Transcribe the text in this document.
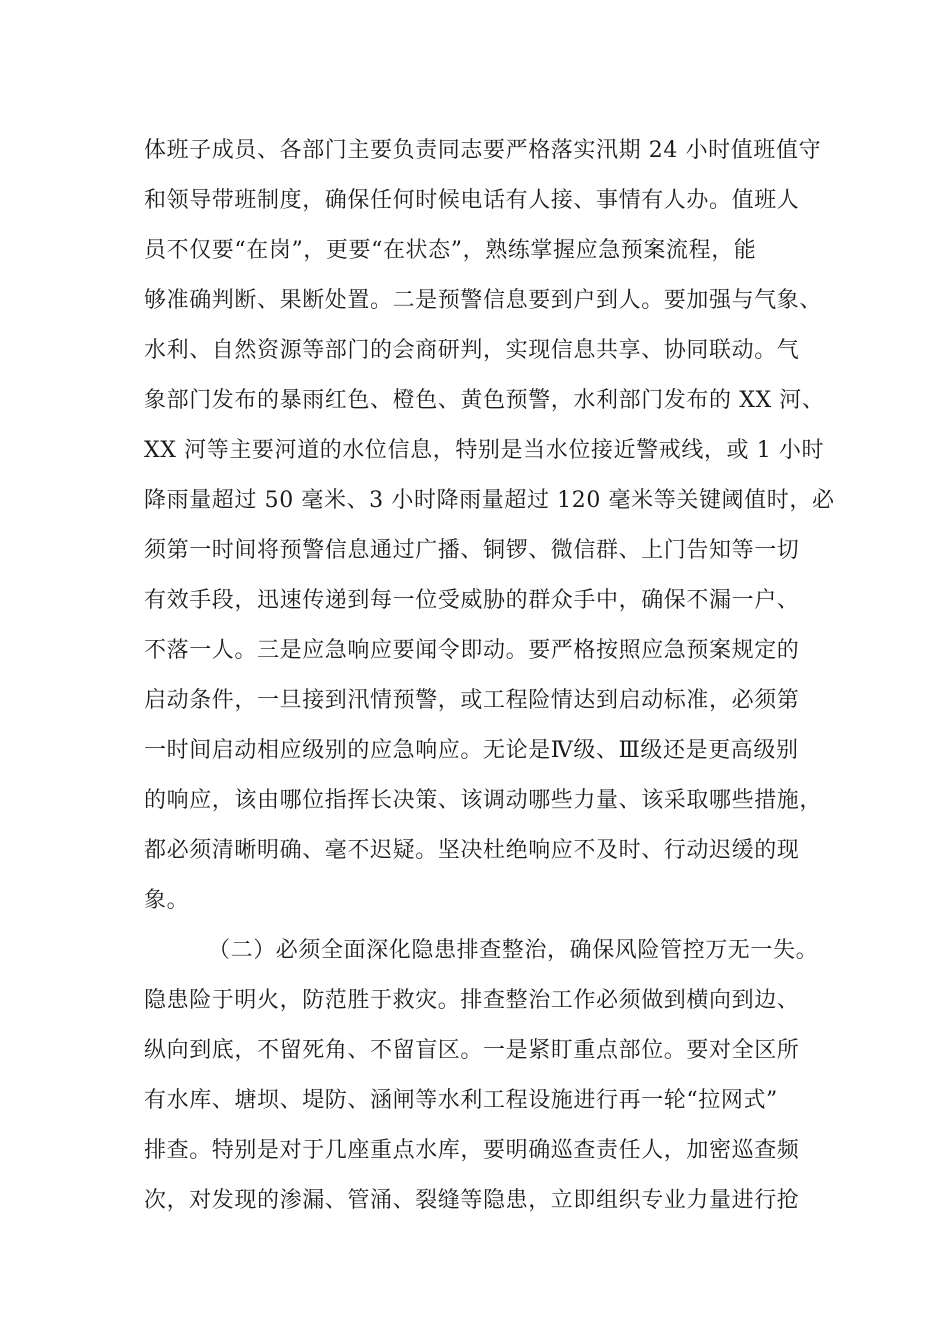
体班子成员、各部门主要负责同志要严格落实汛期 24 小时值班值守
和领导带班制度，确保任何时候电话有人接、事情有人办。值班人
员不仅要“在岗”，更要“在状态”，熟练掌握应急预案流程，能
够准确判断、果断处置。二是预警信息要到户到人。要加强与气象、
水利、自然资源等部门的会商研判，实现信息共享、协同联动。气
象部门发布的暴雨红色、橙色、黄色预警，水利部门发布的 XX 河、
XX 河等主要河道的水位信息，特别是当水位接近警戒线，或 1 小时
降雨量超过 50 毫米、3 小时降雨量超过 120 毫米等关键阈值时，必
须第一时间将预警信息通过广播、铜锣、微信群、上门告知等一切
有效手段，迅速传递到每一位受威胁的群众手中，确保不漏一户、
不落一人。三是应急响应要闻令即动。要严格按照应急预案规定的
启动条件，一旦接到汛情预警，或工程险情达到启动标准，必须第
一时间启动相应级别的应急响应。无论是Ⅳ级、Ⅲ级还是更高级别
的响应，该由哪位指挥长决策、该调动哪些力量、该采取哪些措施，
都必须清晰明确、毫不迟疑。坚决杜绝响应不及时、行动迟缓的现
象。
（二）必须全面深化隐患排查整治，确保风险管控万无一失。
隐患险于明火，防范胜于救灾。排查整治工作必须做到横向到边、
纵向到底，不留死角、不留盲区。一是紧盯重点部位。要对全区所
有水库、塘坝、堤防、涵闸等水利工程设施进行再一轮“拉网式”
排查。特别是对于几座重点水库，要明确巡查责任人，加密巡查频
次，对发现的渗漏、管涌、裂缝等隐患，立即组织专业力量进行抢
